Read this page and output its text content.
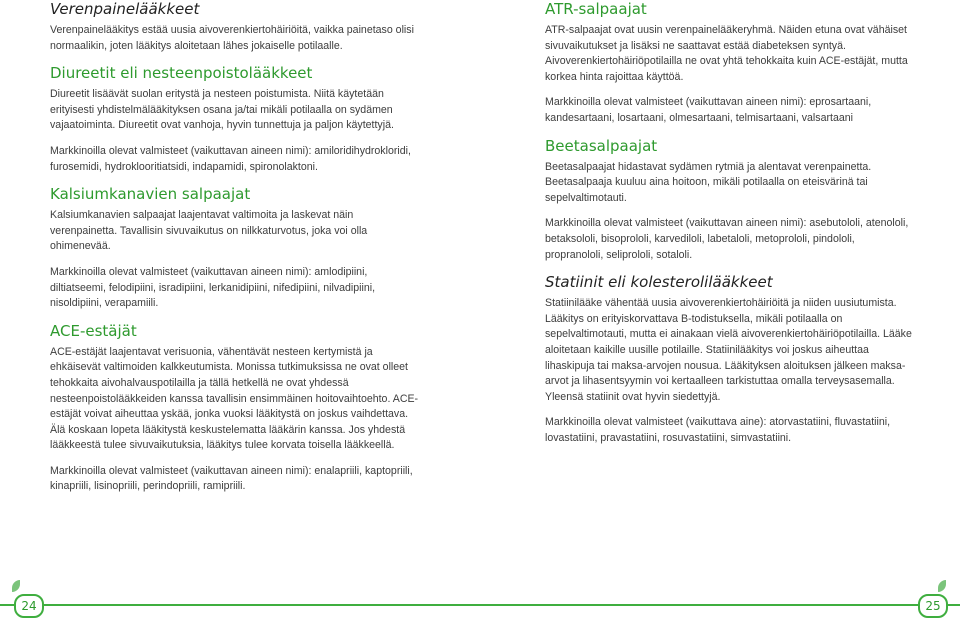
Verenpainelääkkeet

Verenpainelääkitys estää uusia aivoverenkiertohäiriöitä, vaikka painetaso olisi normaalikin, joten lääkitys aloitetaan lähes jokaiselle potilaalle.

Diureetit eli nesteenpoistolääkkeet

Diureetit lisäävät suolan eritystä ja nesteen poistumista. Niitä käytetään erityisesti yhdistelmälääkityksen osana ja/tai mikäli potilaalla on sydämen vajaatoiminta. Diureetit ovat vanhoja, hyvin tunnettuja ja paljon käytettyjä.

Markkinoilla olevat valmisteet (vaikuttavan aineen nimi): amiloridihydrokloridi, furosemidi, hydroklooritiatsidi, indapamidi, spironolaktoni.

Kalsiumkanavien salpaajat

Kalsiumkanavien salpaajat laajentavat valtimoita ja laskevat näin verenpainetta. Tavallisin sivuvaikutus on nilkkaturvotus, joka voi olla ohimenevää.

Markkinoilla olevat valmisteet (vaikuttavan aineen nimi): amlodipiini, diltiatseemi, felodipiini, isradipiini, lerkanidipiini, nifedipiini, nilvadipiini, nisoldipiini, verapamiili.

ACE-estäjät

ACE-estäjät laajentavat verisuonia, vähentävät nesteen kertymistä ja ehkäisevät valtimoiden kalkkeutumista. Monissa tutkimuksissa ne ovat olleet tehokkaita aivohalvauspotilailla ja tällä hetkellä ne ovat yhdessä nesteenpoistolääkkeiden kanssa tavallisin ensimmäinen hoitovaihtoehto. ACE-estäjät voivat aiheuttaa yskää, jonka vuoksi lääkitystä on joskus vaihdettava. Älä koskaan lopeta lääkitystä keskustelematta lääkärin kanssa. Jos yhdestä lääkkeestä tulee sivuvaikutuksia, lääkitys tulee korvata toisella lääkkeellä.

Markkinoilla olevat valmisteet (vaikuttavan aineen nimi): enalapriili, kaptopriili, kinapriili, lisinopriili, perindopriili, ramipriili.

ATR-salpaajat

ATR-salpaajat ovat uusin verenpainelääkeryhmä. Näiden etuna ovat vähäiset sivuvaikutukset ja lisäksi ne saattavat estää diabeteksen syntyä. Aivoverenkiertohäiriöpotilailla ne ovat yhtä tehokkaita kuin ACE-estäjät, mutta korkea hinta rajoittaa käyttöä.

Markkinoilla olevat valmisteet (vaikuttavan aineen nimi): eprosartaani, kandesartaani, losartaani, olmesartaani, telmisartaani, valsartaani

Beetasalpaajat

Beetasalpaajat hidastavat sydämen rytmiä ja alentavat verenpainetta. Beetasalpaaja kuuluu aina hoitoon, mikäli potilaalla on eteisvärinä tai sepelvaltimotauti.

Markkinoilla olevat valmisteet (vaikuttavan aineen nimi): asebutololi, atenololi, betaksololi, bisoprololi, karvediloli, labetaloli, metoprololi, pindololi, propranololi, seliprololi, sotaloli.

Statiinit eli kolesterolilääkkeet

Statiinilääke vähentää uusia aivoverenkiertohäiriöitä ja niiden uusiutumista. Lääkitys on erityiskorvattava B-todistuksella, mikäli potilaalla on sepelvaltimotauti, mutta ei ainakaan vielä aivoverenkiertohäiriöpotilailla. Lääke aloitetaan kaikille uusille potilaille. Statiinilääkitys voi joskus aiheuttaa lihaskipuja tai maksa-arvojen nousua. Lääkityksen aloituksen jälkeen maksa-arvot ja lihasentsyymin voi kertaalleen tarkistuttaa omalla terveysasemalla. Yleensä statiinit ovat hyvin siedettyjä.

Markkinoilla olevat valmisteet (vaikuttava aine): atorvastatiini, fluvastatiini, lovastatiini, pravastatiini, rosuvastatiini, simvastatiini.

24	25
